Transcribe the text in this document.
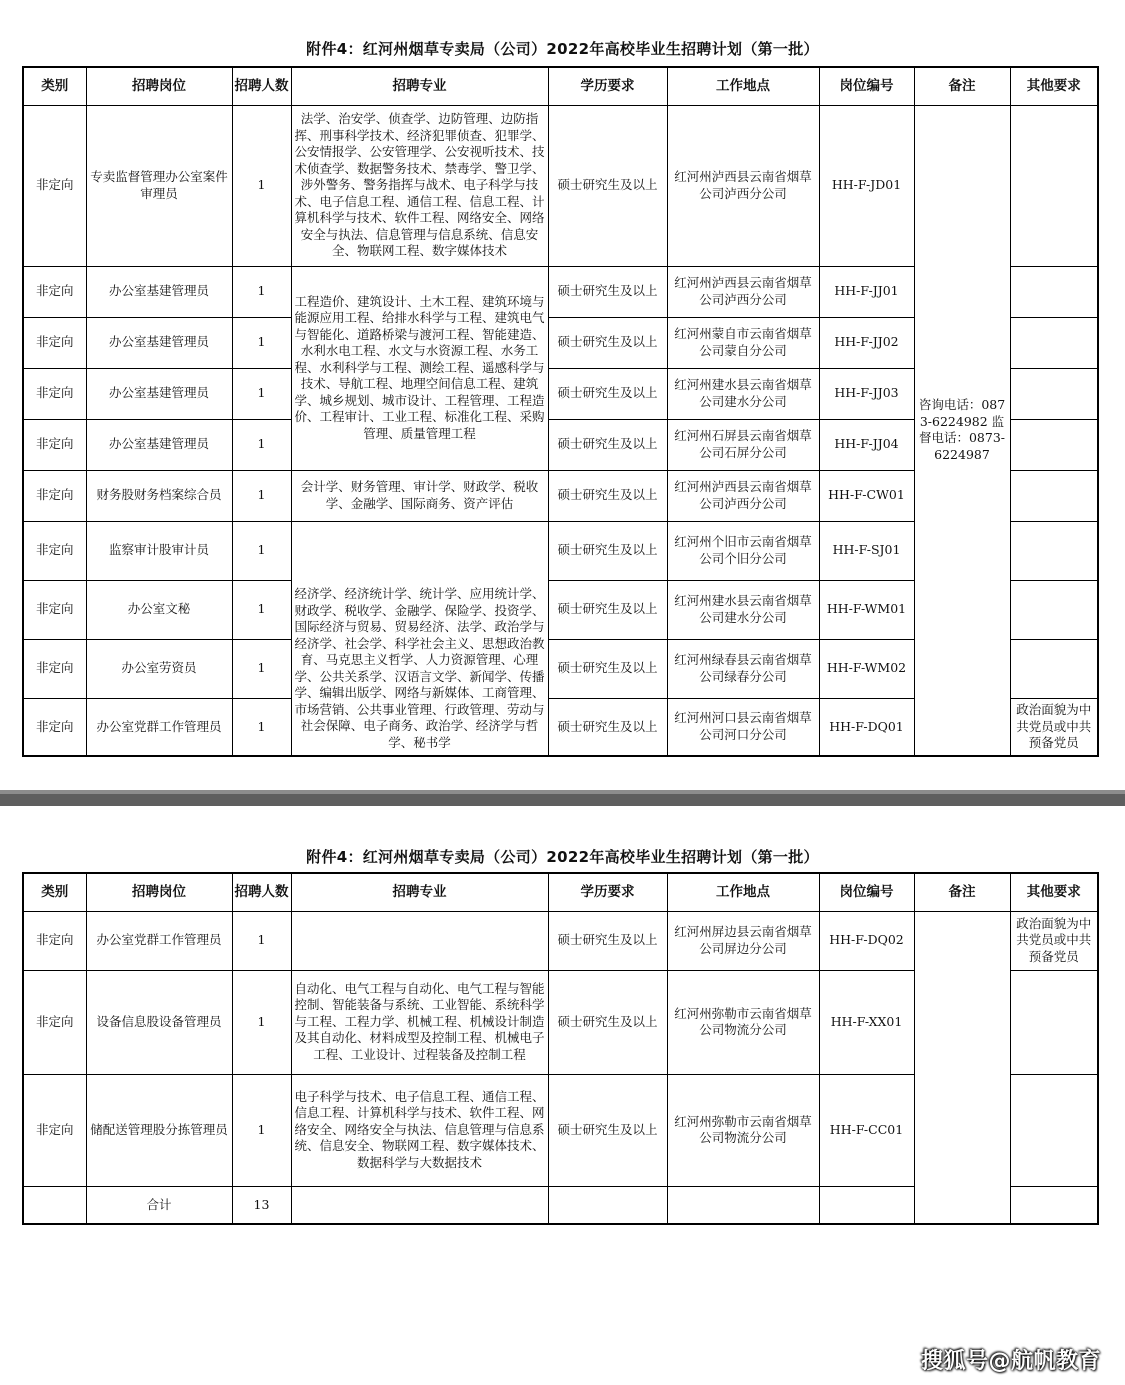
附件4：红河州烟草专卖局（公司）2022年高校毕业生招聘计划（第一批）
类别	招聘岗位	招聘人数	招聘专业	学历要求	工作地点	岗位编号	备注	其他要求
非定向	专卖监督管理办公室案件审理员	1	法学、治安学、侦查学、边防管理、边防指挥、刑事科学技术、经济犯罪侦查、犯罪学、公安情报学、公安管理学、公安视听技术、技术侦查学、数据警务技术、禁毒学、警卫学、涉外警务、警务指挥与战术、电子科学与技术、电子信息工程、通信工程、信息工程、计算机科学与技术、软件工程、网络安全、网络安全与执法、信息管理与信息系统、信息安全、物联网工程、数字媒体技术	硕士研究生及以上	红河州泸西县云南省烟草公司泸西分公司	HH-F-JD01	咨询电话：0873-6224982 监督电话：0873-6224987	
非定向	办公室基建管理员	1	工程造价、建筑设计、土木工程、建筑环境与能源应用工程、给排水科学与工程、建筑电气与智能化、道路桥梁与渡河工程、智能建造、水利水电工程、水文与水资源工程、水务工程、水利科学与工程、测绘工程、遥感科学与技术、导航工程、地理空间信息工程、建筑学、城乡规划、城市设计、工程管理、工程造价、工程审计、工业工程、标准化工程、采购管理、质量管理工程	硕士研究生及以上	红河州泸西县云南省烟草公司泸西分公司	HH-F-JJ01		
非定向	办公室基建管理员	1		硕士研究生及以上	红河州蒙自市云南省烟草公司蒙自分公司	HH-F-JJ02		
非定向	办公室基建管理员	1		硕士研究生及以上	红河州建水县云南省烟草公司建水分公司	HH-F-JJ03		
非定向	办公室基建管理员	1		硕士研究生及以上	红河州石屏县云南省烟草公司石屏分公司	HH-F-JJ04		
非定向	财务股财务档案综合员	1	会计学、财务管理、审计学、财政学、税收学、金融学、国际商务、资产评估	硕士研究生及以上	红河州泸西县云南省烟草公司泸西分公司	HH-F-CW01		
非定向	监察审计股审计员	1	经济学、经济统计学、统计学、应用统计学、财政学、税收学、金融学、保险学、投资学、国际经济与贸易、贸易经济、法学、政治学与经济学、社会学、科学社会主义、思想政治教育、马克思主义哲学、人力资源管理、心理学、公共关系学、汉语言文学、新闻学、传播学、编辑出版学、网络与新媒体、工商管理、市场营销、公共事业管理、行政管理、劳动与社会保障、电子商务、政治学、经济学与哲学、秘书学	硕士研究生及以上	红河州个旧市云南省烟草公司个旧分公司	HH-F-SJ01		
非定向	办公室文秘	1		硕士研究生及以上	红河州建水县云南省烟草公司建水分公司	HH-F-WM01		
非定向	办公室劳资员	1		硕士研究生及以上	红河州绿春县云南省烟草公司绿春分公司	HH-F-WM02		
非定向	办公室党群工作管理员	1		硕士研究生及以上	红河州河口县云南省烟草公司河口分公司	HH-F-DQ01		政治面貌为中共党员或中共预备党员
附件4：红河州烟草专卖局（公司）2022年高校毕业生招聘计划（第一批）
类别	招聘岗位	招聘人数	招聘专业	学历要求	工作地点	岗位编号	备注	其他要求
非定向	办公室党群工作管理员	1		硕士研究生及以上	红河州屏边县云南省烟草公司屏边分公司	HH-F-DQ02		政治面貌为中共党员或中共预备党员
非定向	设备信息股设备管理员	1	自动化、电气工程与自动化、电气工程与智能控制、智能装备与系统、工业智能、系统科学与工程、工程力学、机械工程、机械设计制造及其自动化、材料成型及控制工程、机械电子工程、工业设计、过程装备及控制工程	硕士研究生及以上	红河州弥勒市云南省烟草公司物流分公司	HH-F-XX01		
非定向	储配送管理股分拣管理员	1	电子科学与技术、电子信息工程、通信工程、信息工程、计算机科学与技术、软件工程、网络安全、网络安全与执法、信息管理与信息系统、信息安全、物联网工程、数字媒体技术、数据科学与大数据技术	硕士研究生及以上	红河州弥勒市云南省烟草公司物流分公司	HH-F-CC01		
	合计	13						
搜狐号@航帆教育
